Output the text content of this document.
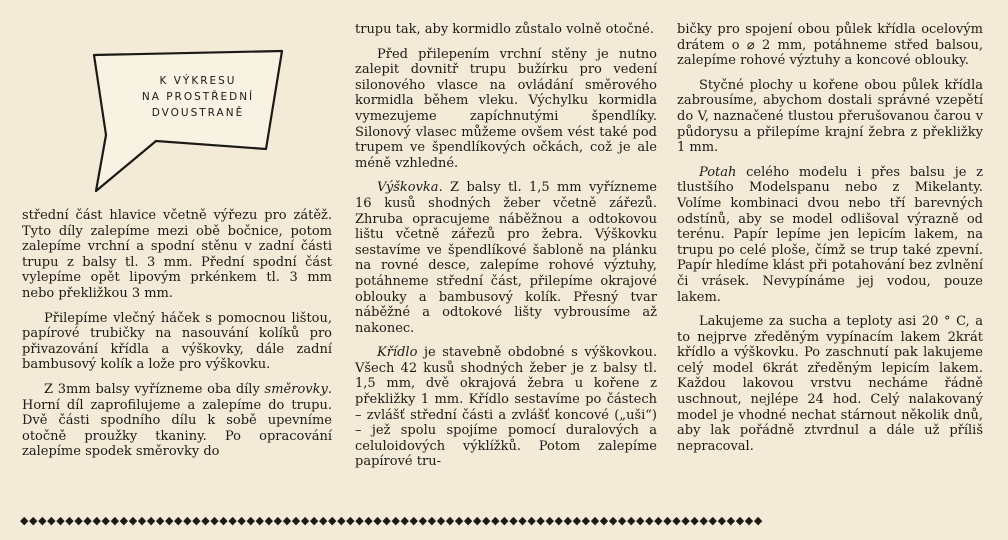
K VÝKRESU
NA PROSTŘEDNÍ
DVOUSTRANĚ

střední část hlavice včetně výřezu pro zátěž. Tyto díly zalepíme mezi obě bočnice, potom zalepíme vrchní a spodní stěnu v zadní části trupu z balsy tl. 3 mm. Přední spodní část vylepíme opět lipovým prkénkem tl. 3 mm nebo překližkou 3 mm.

Přilepíme vlečný háček s pomocnou lištou, papírové trubičky na nasouvání kolíků pro přivazování křídla a výškovky, dále zadní bambusový kolík a lože pro výškovku.

Z 3mm balsy vyřízneme oba díly směrovky. Horní díl zaprofilujeme a zalepíme do trupu. Dvě části spodního dílu k sobě upevníme otočně proužky tkaniny. Po opracování zalepíme spodek směrovky do

trupu tak, aby kormidlo zůstalo volně otočné.

Před přilepením vrchní stěny je nutno zalepit dovnitř trupu bužírku pro vedení silonového vlasce na ovládání směrového kormidla během vleku. Výchylku kormidla vymezujeme zapíchnutými špendlíky. Silonový vlasec můžeme ovšem vést také pod trupem ve špendlíkových očkách, což je ale méně vzhledné.

Výškovka. Z balsy tl. 1,5 mm vyřízneme 16 kusů shodných žeber včetně zářezů. Zhruba opracujeme náběžnou a odtokovou lištu včetně zářezů pro žebra. Výškovku sestavíme ve špendlíkové šabloně na plánku na rovné desce, zalepíme rohové výztuhy, potáhneme střední část, přilepíme okrajové oblouky a bambusový kolík. Přesný tvar náběžné a odtokové lišty vybrousíme až nakonec.

Křídlo je stavebně obdobné s výškovkou. Všech 42 kusů shodných žeber je z balsy tl. 1,5 mm, dvě okrajová žebra u kořene z překližky 1 mm. Křídlo sestavíme po částech – zvlášť střední části a zvlášť koncové („uši“) – jež spolu spojíme pomocí duralových a celuloidových výklížků. Potom zalepíme papírové tru-

bičky pro spojení obou půlek křídla ocelovým drátem o ⌀ 2 mm, potáhneme střed balsou, zalepíme rohové výztuhy a koncové oblouky.

Styčné plochy u kořene obou půlek křídla zabrousíme, abychom dostali správné vzepětí do V, naznačené tlustou přerušovanou čarou v půdorysu a přilepíme krajní žebra z překližky 1 mm.

Potah celého modelu i přes balsu je z tlustšího Modelspanu nebo z Mikelanty. Volíme kombinaci dvou nebo tří barevných odstínů, aby se model odlišoval výrazně od terénu. Papír lepíme jen lepicím lakem, na trupu po celé ploše, čímž se trup také zpevní. Papír hledíme klást při potahování bez zvlnění či vrásek. Nevypínáme jej vodou, pouze lakem.

Lakujeme za sucha a teploty asi 20 ° C, a to nejprve zředěným vypínacím lakem 2krát křídlo a výškovku. Po zaschnutí pak lakujeme celý model 6krát zředěným lepicím lakem. Každou lakovou vrstvu necháme řádně uschnout, nejlépe 24 hod. Celý nalakovaný model je vhodné nechat stárnout několik dnů, aby lak pořádně ztvrdnul a dále už příliš nepracoval.

◆◆◆◆◆◆◆◆◆◆◆◆◆◆◆◆◆◆◆◆◆◆◆◆◆◆◆◆◆◆◆◆◆◆◆◆◆◆◆◆◆◆◆◆◆◆◆◆◆◆◆◆◆◆◆◆◆◆◆◆◆◆◆◆◆◆◆◆◆◆◆◆◆◆◆◆◆◆◆◆◆◆
